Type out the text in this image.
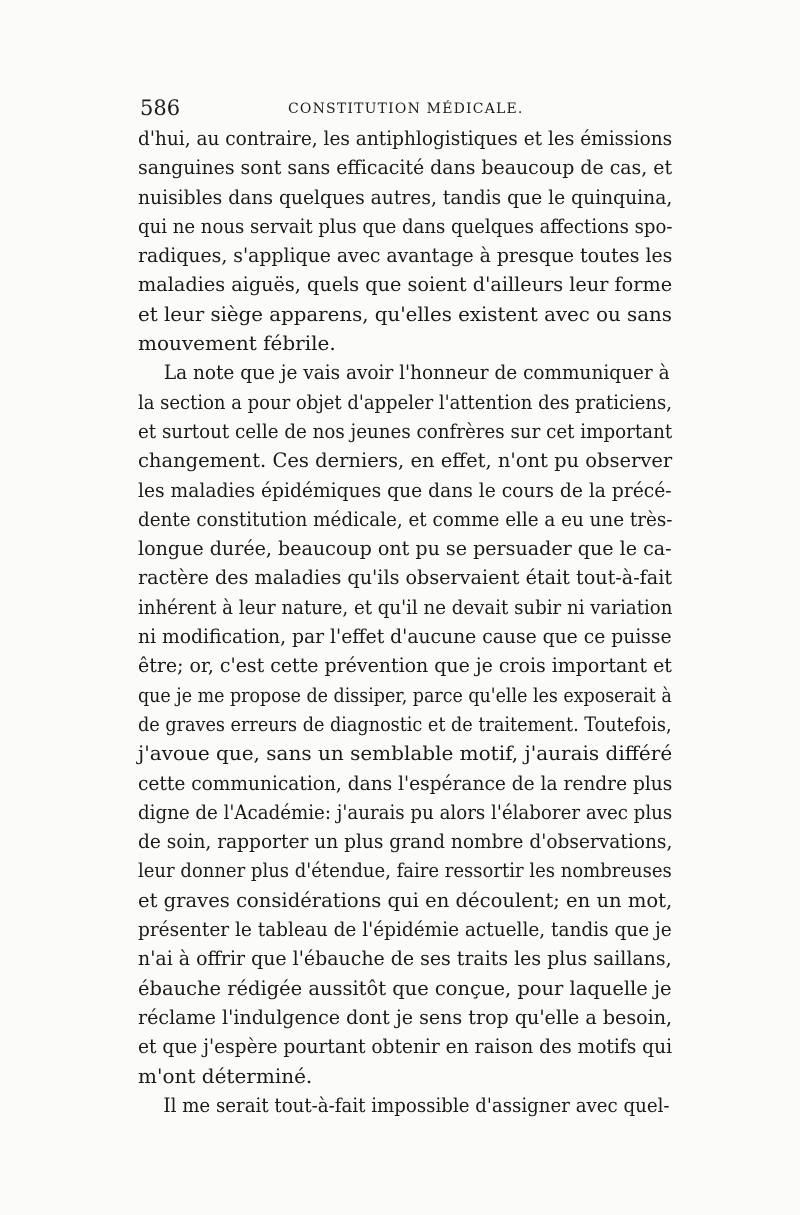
586	CONSTITUTION MÉDICALE.
d'hui, au contraire, les antiphlogistiques et les émissions
sanguines sont sans efficacité dans beaucoup de cas, et
nuisibles dans quelques autres, tandis que le quinquina,
qui ne nous servait plus que dans quelques affections spo-
radiques, s'applique avec avantage à presque toutes les
maladies aiguës, quels que soient d'ailleurs leur forme
et leur siège apparens, qu'elles existent avec ou sans
mouvement fébrile.
La note que je vais avoir l'honneur de communiquer à
la section a pour objet d'appeler l'attention des praticiens,
et surtout celle de nos jeunes confrères sur cet important
changement. Ces derniers, en effet, n'ont pu observer
les maladies épidémiques que dans le cours de la précé-
dente constitution médicale, et comme elle a eu une très-
longue durée, beaucoup ont pu se persuader que le ca-
ractère des maladies qu'ils observaient était tout-à-fait
inhérent à leur nature, et qu'il ne devait subir ni variation
ni modification, par l'effet d'aucune cause que ce puisse
être; or, c'est cette prévention que je crois important et
que je me propose de dissiper, parce qu'elle les exposerait à
de graves erreurs de diagnostic et de traitement. Toutefois,
j'avoue que, sans un semblable motif, j'aurais différé
cette communication, dans l'espérance de la rendre plus
digne de l'Académie: j'aurais pu alors l'élaborer avec plus
de soin, rapporter un plus grand nombre d'observations,
leur donner plus d'étendue, faire ressortir les nombreuses
et graves considérations qui en découlent; en un mot,
présenter le tableau de l'épidémie actuelle, tandis que je
n'ai à offrir que l'ébauche de ses traits les plus saillans,
ébauche rédigée aussitôt que conçue, pour laquelle je
réclame l'indulgence dont je sens trop qu'elle a besoin,
et que j'espère pourtant obtenir en raison des motifs qui
m'ont déterminé.
Il me serait tout-à-fait impossible d'assigner avec quel-
